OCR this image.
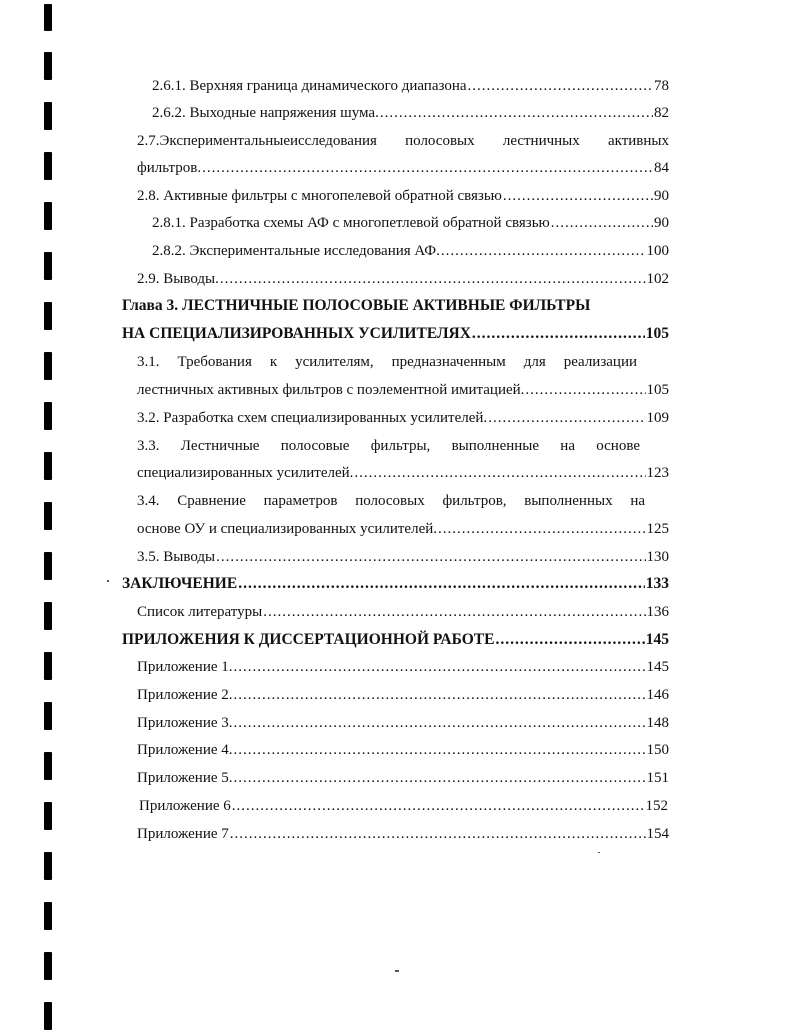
2.6.1. Верхняя граница динамического диапазона .....	78
2.6.2. Выходные напряжения шума. .....	82
2.7.Экспериментальныеисследования полосовых лестничных активных
фильтров. .....	84
2.8. Активные фильтры с многопелевой обратной связью .....	90
2.8.1. Разработка схемы АФ с многопетлевой обратной связью .....	90
2.8.2. Экспериментальные исследования АФ. .....	100
2.9. Выводы. .....	102
Глава 3. ЛЕСТНИЧНЫЕ ПОЛОСОВЫЕ АКТИВНЫЕ ФИЛЬТРЫ
НА СПЕЦИАЛИЗИРОВАННЫХ УСИЛИТЕЛЯХ .....	105
3.1. Требования к усилителям, предназначенным для реализации
лестничных активных фильтров с поэлементной имитацией. .....	105
3.2. Разработка схем специализированных усилителей. .....	109
3.3. Лестничные полосовые фильтры, выполненные на основе
специализированных усилителей. .....	123
3.4. Сравнение параметров полосовых фильтров, выполненных на
основе ОУ и специализированных усилителей. .....	125
3.5. Выводы .....	130
ЗАКЛЮЧЕНИЕ .....	133
Список литературы .....	136
ПРИЛОЖЕНИЯ К ДИССЕРТАЦИОННОЙ РАБОТЕ .....	145
Приложение 1. .....	145
Приложение 2. .....	146
Приложение 3. .....	148
Приложение 4. .....	150
Приложение 5. .....	151
Приложение 6 .....	152
Приложение 7 .....	154
